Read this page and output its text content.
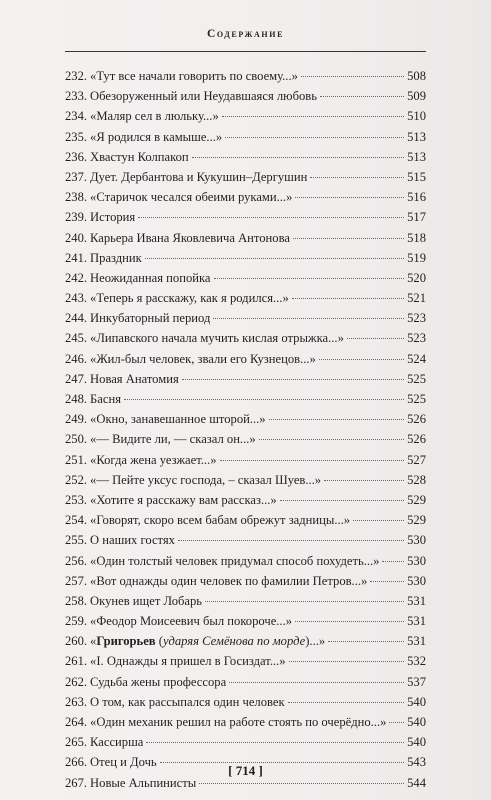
Содержание
232. «Тут все начали говорить по своему...»	508
233. Обезоруженный или Неудавшаяся любовь	509
234. «Маляр сел в люльку...»	510
235. «Я родился в камыше...»	513
236. Хвастун Колпакоп	513
237. Дует. Дербантова и Кукушин–Дергушин	515
238. «Старичок чесался обеими руками...»	516
239. История	517
240. Карьера Ивана Яковлевича Антонова	518
241. Праздник	519
242. Неожиданная попойка	520
243. «Теперь я расскажу, как я родился...»	521
244. Инкубаторный период	523
245. «Липавского начала мучить кислая отрыжка...»	523
246. «Жил-был человек, звали его Кузнецов...»	524
247. Новая Анатомия	525
248. Басня	525
249. «Окно, занавешанное шторой...»	526
250. «— Видите ли, — сказал он...»	526
251. «Когда жена уезжает...»	527
252. «— Пейте уксус господа, – сказал Шуев...»	528
253. «Хотите я расскажу вам рассказ...»	529
254. «Говорят, скоро всем бабам обрежут задницы...»	529
255. О наших гостях	530
256. «Один толстый человек придумал способ похудеть...» 530
257. «Вот однажды один человек по фамилии Петров...»	530
258. Окунев ищет Лобарь	531
259. «Феодор Моисеевич был покороче...»	531
260. «Григорьев (ударяя Семёнова по морде)...»	531
261. «I. Однажды я пришел в Госиздат...»	532
262. Судьба жены профессора	537
263. О том, как рассыпался один человек	540
264. «Один механик решил на работе стоять по очерёдно...» 540
265. Кассирша	540
266. Отец и Дочь	543
267. Новые Альпинисты	544
[ 714 ]
